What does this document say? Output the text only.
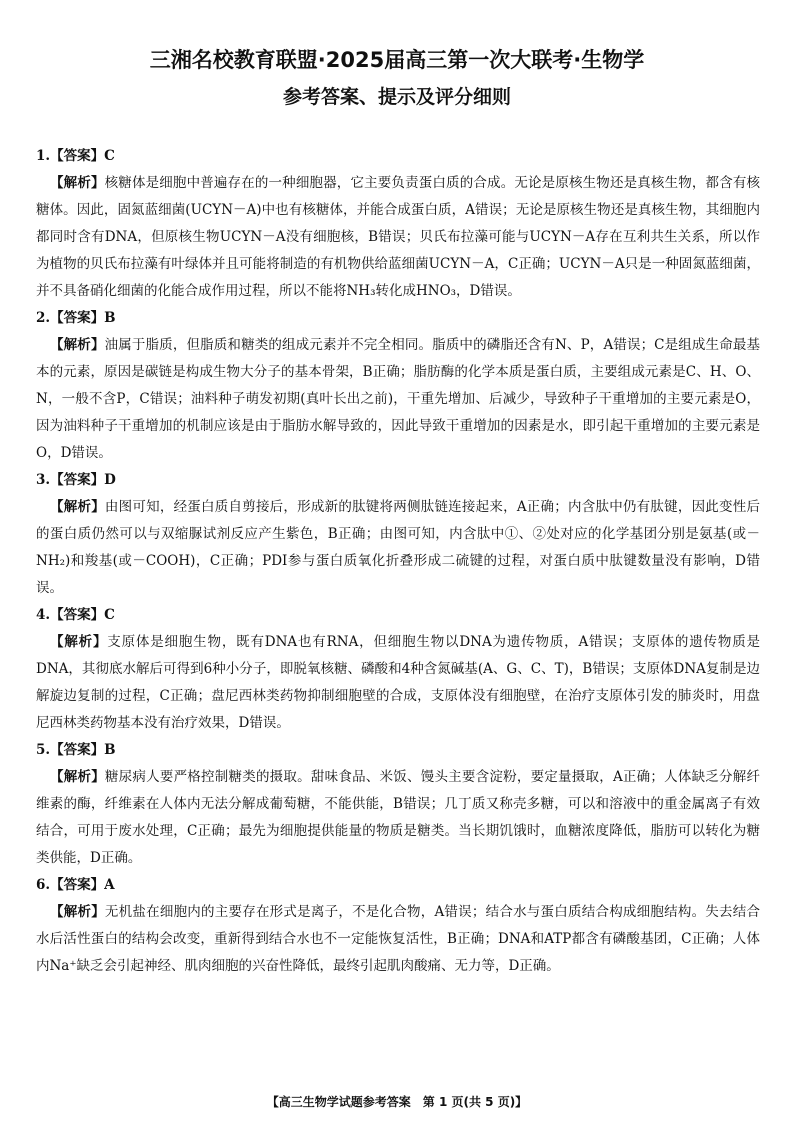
三湘名校教育联盟·2025届高三第一次大联考·生物学
参考答案、提示及评分细则
1.【答案】C

【解析】核糖体是细胞中普遍存在的一种细胞器，它主要负责蛋白质的合成。无论是原核生物还是真核生物，都含有核糖体。因此，固氮蓝细菌(UCYN－A)中也有核糖体，并能合成蛋白质，A错误；无论是原核生物还是真核生物，其细胞内都同时含有DNA，但原核生物UCYN－A没有细胞核，B错误；贝氏布拉藻可能与UCYN－A存在互利共生关系，所以作为植物的贝氏布拉藻有叶绿体并且可能将制造的有机物供给蓝细菌UCYN－A，C正确；UCYN－A只是一种固氮蓝细菌，并不具备硝化细菌的化能合成作用过程，所以不能将NH₃转化成HNO₃，D错误。

2.【答案】B

【解析】油属于脂质，但脂质和糖类的组成元素并不完全相同。脂质中的磷脂还含有N、P，A错误；C是组成生命最基本的元素，原因是碳链是构成生物大分子的基本骨架，B正确；脂肪酶的化学本质是蛋白质，主要组成元素是C、H、O、N，一般不含P，C错误；油料种子萌发初期(真叶长出之前)，干重先增加、后减少，导致种子干重增加的主要元素是O，因为油料种子干重增加的机制应该是由于脂肪水解导致的，因此导致干重增加的因素是水，即引起干重增加的主要元素是O，D错误。

3.【答案】D

【解析】由图可知，经蛋白质自剪接后，形成新的肽键将两侧肽链连接起来，A正确；内含肽中仍有肽键，因此变性后的蛋白质仍然可以与双缩脲试剂反应产生紫色，B正确；由图可知，内含肽中①、②处对应的化学基团分别是氨基(或－NH₂)和羧基(或－COOH)，C正确；PDI参与蛋白质氧化折叠形成二硫键的过程，对蛋白质中肽键数量没有影响，D错误。

4.【答案】C

【解析】支原体是细胞生物，既有DNA也有RNA，但细胞生物以DNA为遗传物质，A错误；支原体的遗传物质是DNA，其彻底水解后可得到6种小分子，即脱氧核糖、磷酸和4种含氮碱基(A、G、C、T)，B错误；支原体DNA复制是边解旋边复制的过程，C正确；盘尼西林类药物抑制细胞壁的合成，支原体没有细胞壁，在治疗支原体引发的肺炎时，用盘尼西林类药物基本没有治疗效果，D错误。

5.【答案】B

【解析】糖尿病人要严格控制糖类的摄取。甜味食品、米饭、馒头主要含淀粉，要定量摄取，A正确；人体缺乏分解纤维素的酶，纤维素在人体内无法分解成葡萄糖，不能供能，B错误；几丁质又称壳多糖，可以和溶液中的重金属离子有效结合，可用于废水处理，C正确；最先为细胞提供能量的物质是糖类。当长期饥饿时，血糖浓度降低，脂肪可以转化为糖类供能，D正确。

6.【答案】A

【解析】无机盐在细胞内的主要存在形式是离子，不是化合物，A错误；结合水与蛋白质结合构成细胞结构。失去结合水后活性蛋白的结构会改变，重新得到结合水也不一定能恢复活性，B正确；DNA和ATP都含有磷酸基团，C正确；人体内Na⁺缺乏会引起神经、肌肉细胞的兴奋性降低，最终引起肌肉酸痛、无力等，D正确。

【高三生物学试题参考答案　第 1 页(共 5 页)】
